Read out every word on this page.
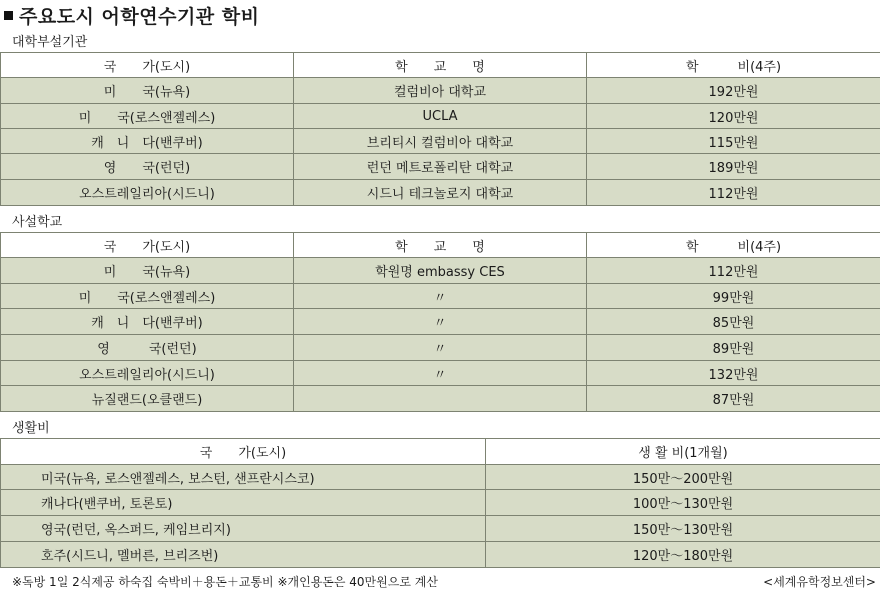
주요도시 어학연수기관 학비
대학부설기관
국　　가(도시)	학　　교　　명	학　　　비(4주)
미　　국(뉴욕)	컬럼비아 대학교	192만원
미　　국(로스앤젤레스)	UCLA	120만원
캐　니　다(밴쿠버)	브리티시 컬럼비아 대학교	115만원
영　　국(런던)	런던 메트로폴리탄 대학교	189만원
오스트레일리아(시드니)	시드니 테크놀로지 대학교	112만원
사설학교
국　　가(도시)	학　　교　　명	학　　　비(4주)
미　　국(뉴욕)	학원명 embassy CES	112만원
미　　국(로스앤젤레스)	〃	99만원
캐　니　다(밴쿠버)	〃	85만원
영　　　국(런던)	〃	89만원
오스트레일리아(시드니)	〃	132만원
뉴질랜드(오클랜드)		87만원
생활비
국　　가(도시)	생 활 비(1개월)
미국(뉴욕, 로스앤젤레스, 보스턴, 샌프란시스코)	150만～200만원
캐나다(밴쿠버, 토론토)	100만～130만원
영국(런던, 옥스퍼드, 케임브리지)	150만～130만원
호주(시드니, 멜버른, 브리즈번)	120만～180만원
※독방 1일 2식제공 하숙집 숙박비＋용돈＋교통비 ※개인용돈은 40만원으로 계산	<세계유학정보센터>
